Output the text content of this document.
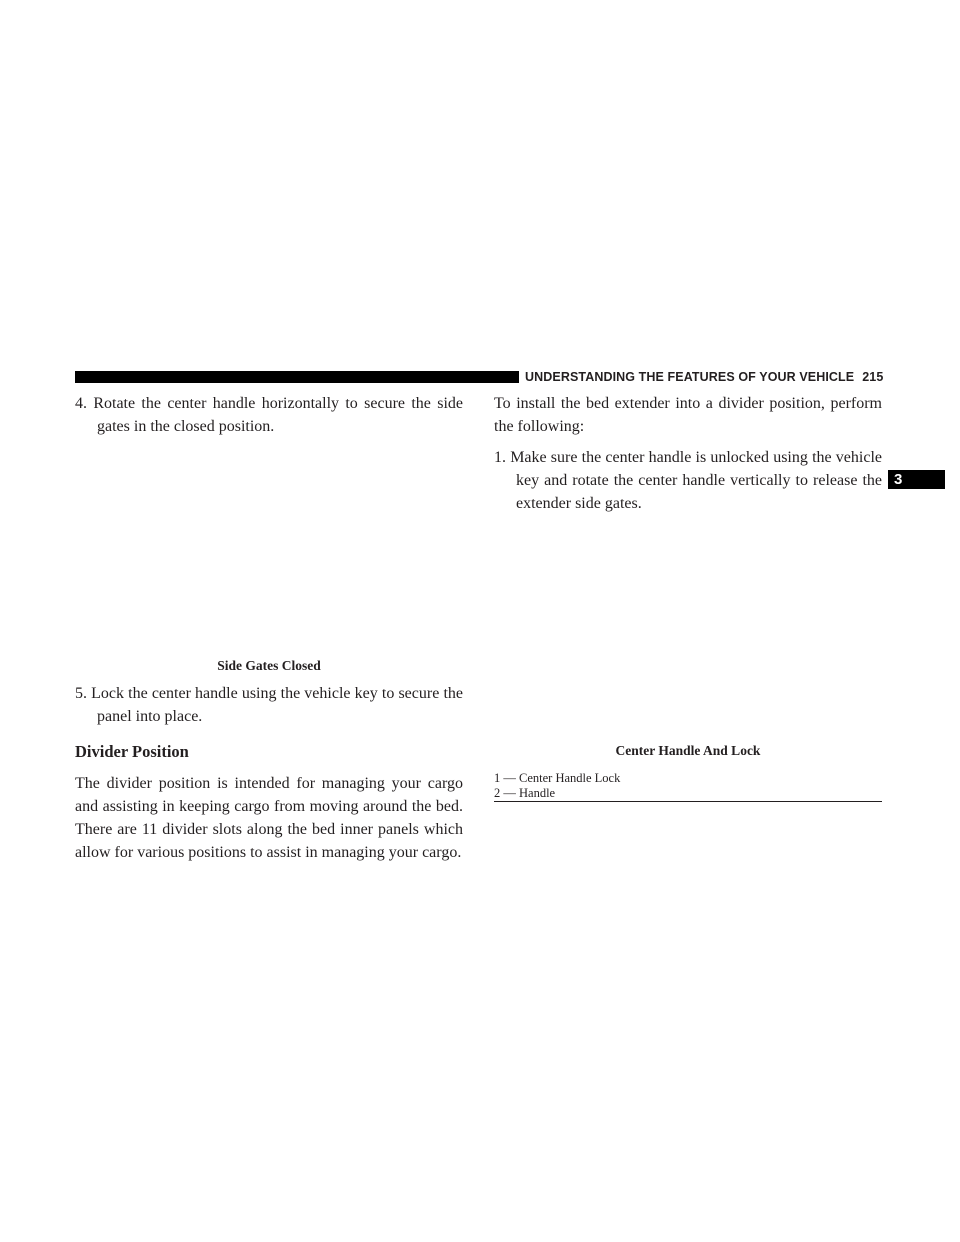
UNDERSTANDING THE FEATURES OF YOUR VEHICLE 215
3

4. Rotate the center handle horizontally to secure the side gates in the closed position.

Side Gates Closed

5. Lock the center handle using the vehicle key to secure the panel into place.

Divider Position

The divider position is intended for managing your cargo and assisting in keeping cargo from moving around the bed. There are 11 divider slots along the bed inner panels which allow for various positions to assist in managing your cargo.

To install the bed extender into a divider position, perform the following:

1. Make sure the center handle is unlocked using the vehicle key and rotate the center handle vertically to release the extender side gates.

Center Handle And Lock

1 — Center Handle Lock

2 — Handle
